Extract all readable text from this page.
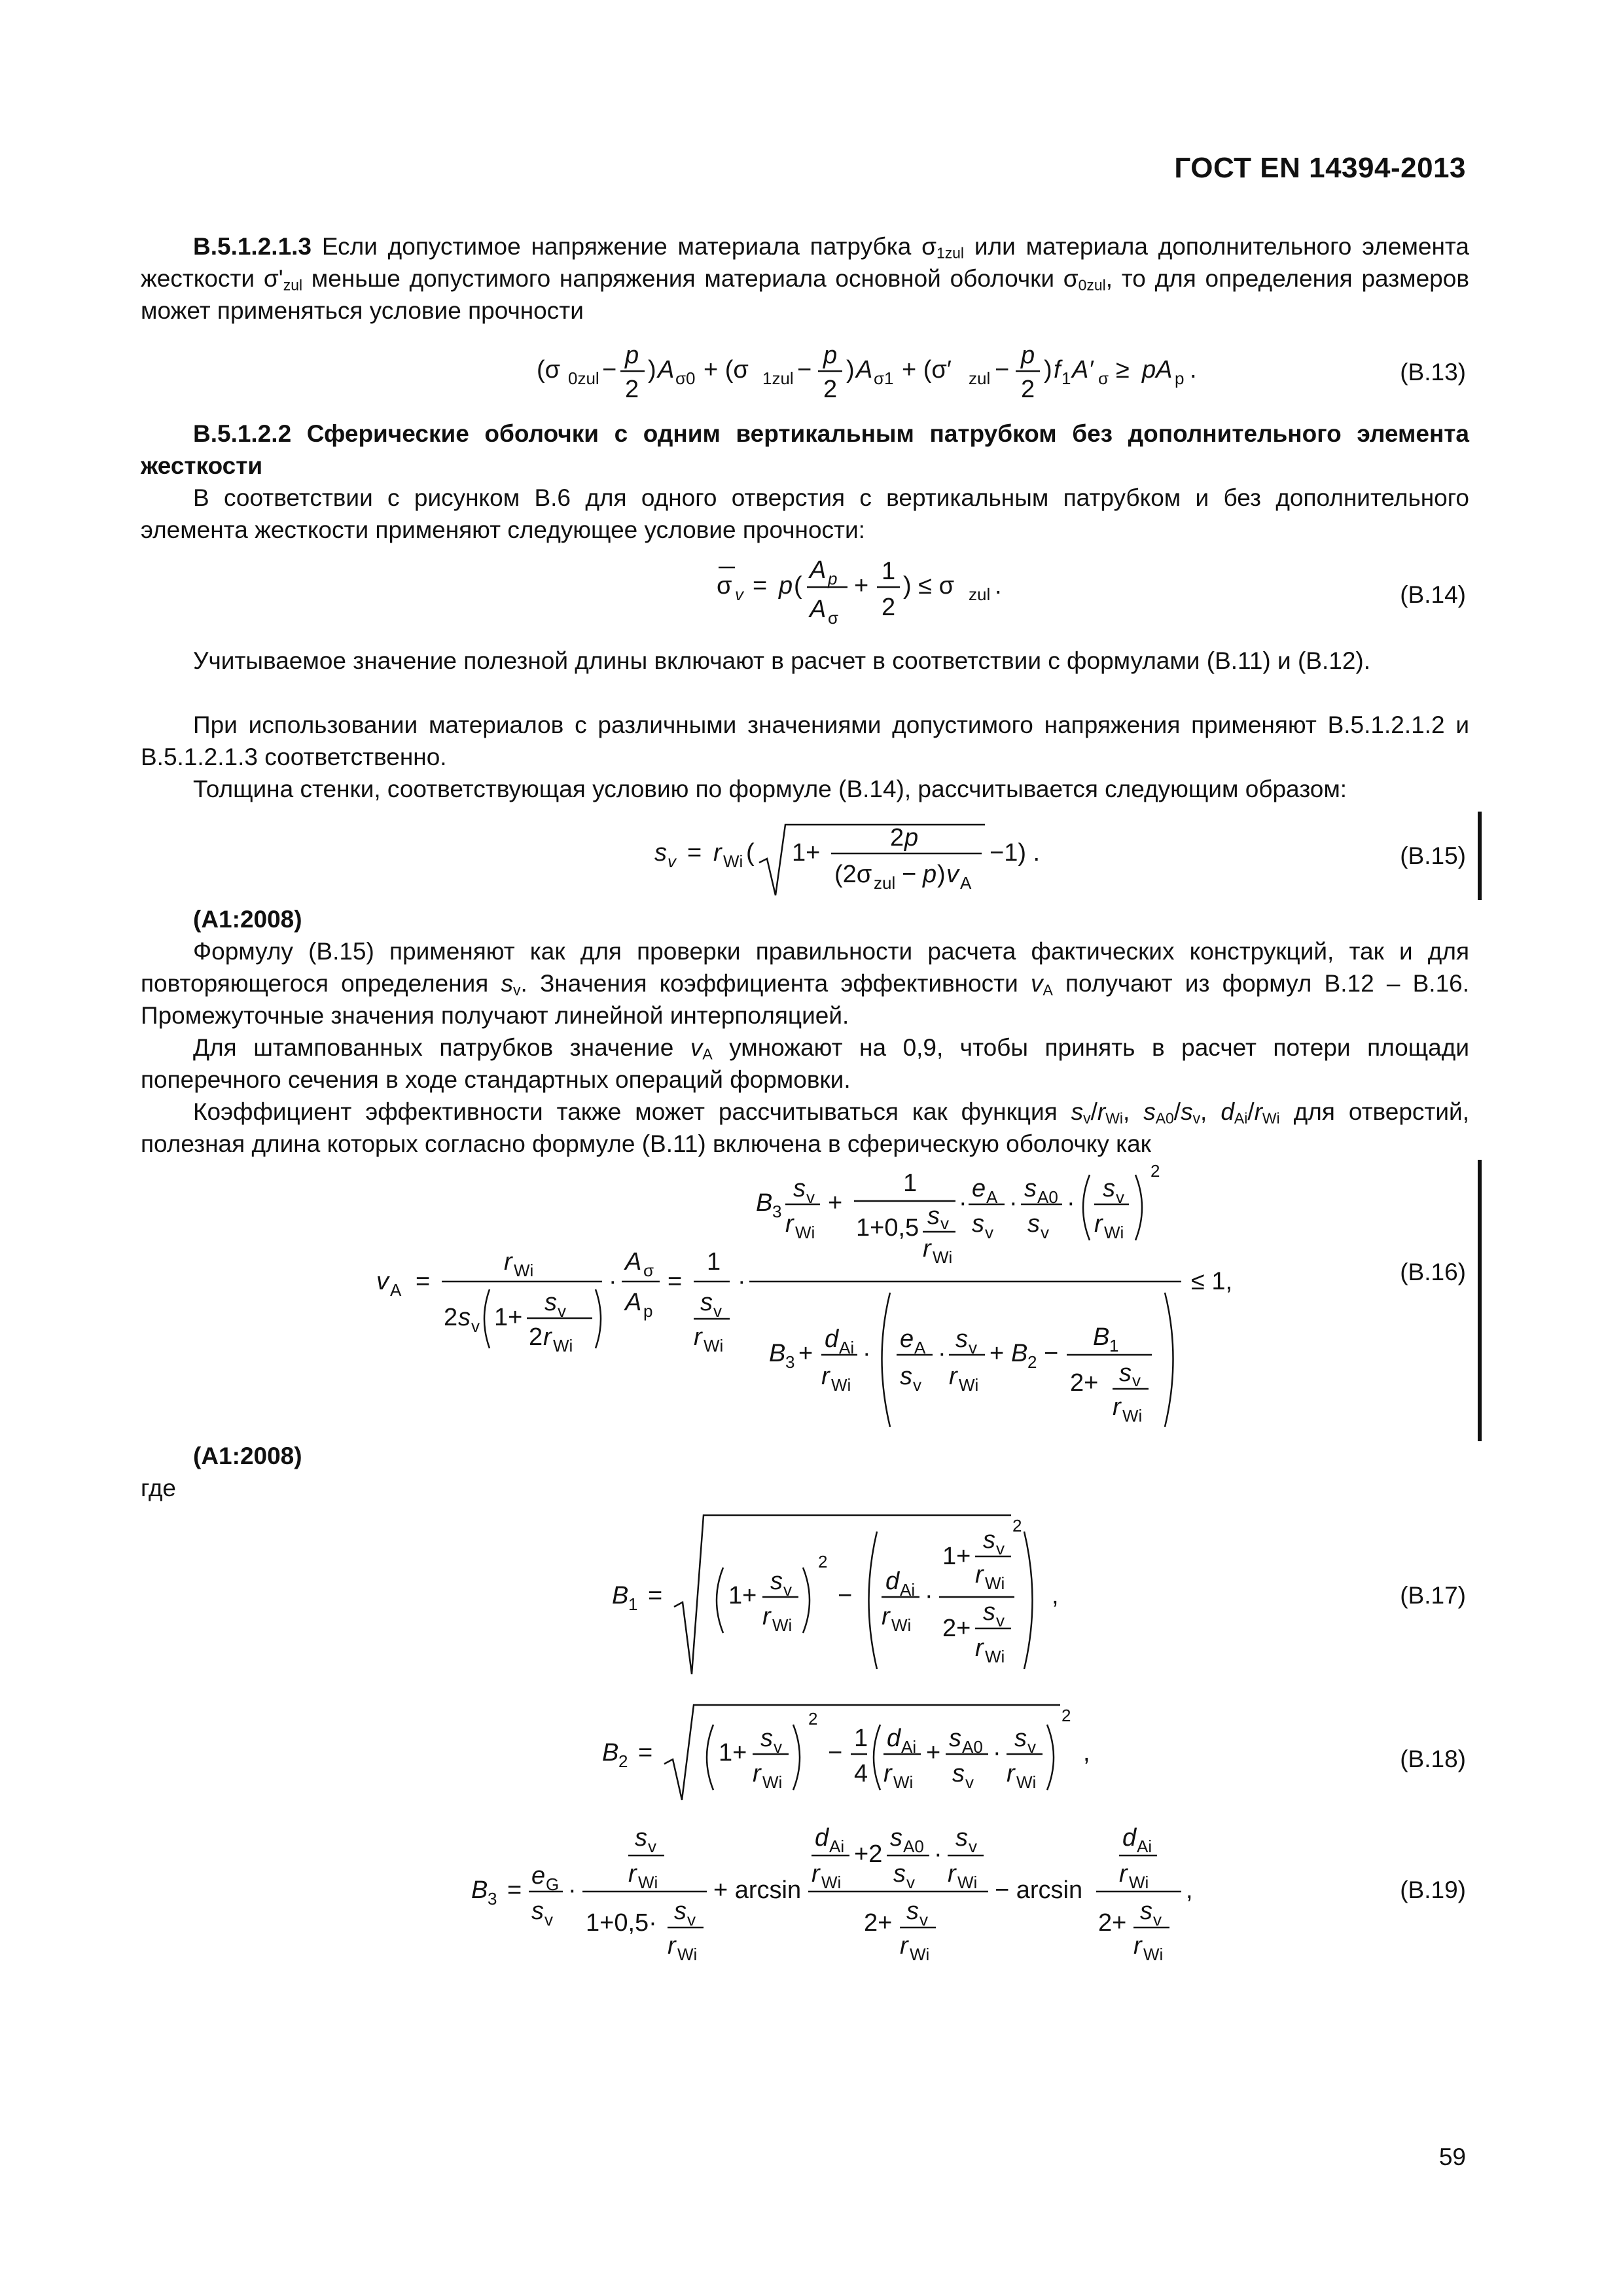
ГОСТ EN 14394-2013

В.5.1.2.1.3 Если допустимое напряжение материала патрубка $\sigma_{1zul}$ или материала дополнительного элемента жесткости $\sigma'_{zul}$ меньше допустимого напряжения материала основной оболочки $\sigma_{0zul}$, то для определения размеров может применяться условие прочности

(σ 0zul −
p
2
) A σ0 + (σ 1zul −
p
2
) A σ1 + (σ′ zul −
p
2
) f 1 A′ σ ≥ pA p .	(В.13)

В.5.1.2.2 Сферические оболочки с одним вертикальным патрубком без дополнительного элемента жесткости

В соответствии с рисунком В.6 для одного отверстия с вертикальным патрубком и без дополнительного элемента жесткости применяют следующее условие прочности:

σ v = p (
A p
A σ
+
1
2
) ≤ σ zul .	(В.14)

Учитываемое значение полезной длины включают в расчет в соответствии с формулами (В.11) и (В.12).

При использовании материалов с различными значениями допустимого напряжения применяют В.5.1.2.1.2 и В.5.1.2.1.3 соответственно.

Толщина стенки, соответствующая условию по формуле (В.14), рассчитывается следующим образом:

s v = r Wi ( 1+
2 p
(2σ zul − p ) v A
−1) .	(В.15)

(А1:2008)

Формулу (В.15) применяют как для проверки правильности расчета фактических конструкций, так и для повторяющегося определения $s_v$. Значения коэффициента эффективности $v_A$ получают из формул В.12 – В.16. Промежуточные значения получают линейной интерполяцией.

Для штампованных патрубков значение $v_A$ умножают на 0,9, чтобы принять в расчет потери площади поперечного сечения в ходе стандартных операций формовки.

Коэффициент эффективности также может рассчитываться как функция $s_v/r_{Wi}$, $s_{A0}/s_v$, $d_{Ai}/r_{Wi}$ для отверстий, полезная длина которых согласно формуле (В.11) включена в сферическую оболочку как

v A =
r Wi
2 s v 1+
s v
2 r Wi
·
A σ
A p
=
1
s v
r Wi
·
B 3
s v
r Wi
+
1
1+0,5 s v
r Wi
·
e A
s v
·
s A0
s v
·
s v
r Wi
2
B 3 +
d Ai
r Wi
·
e A
s v
·
s v
r Wi
+ B 2 −
B 1
2+ s v
r Wi
≤ 1,	(В.16)

(А1:2008)

где

B 1 =
2
1+
s v
r Wi
2
−
d Ai
r Wi
·
1+
s v
r Wi
2+
s v
r Wi
,	(В.17)
B 2 =
2
1+
s v
r Wi
2
−
1
4
d Ai
r Wi
+
s A0
s v
·
s v
r Wi
,	(В.18)
B 3 =
e G
s v
·
s v
r Wi
1+0,5· s v
r Wi
+ arcsin
d Ai
r Wi
+2
s A0
s v
·
s v
r Wi
2+ s v
r Wi
− arcsin
d Ai
r Wi
2+ s v
r Wi
,	(В.19)
59
